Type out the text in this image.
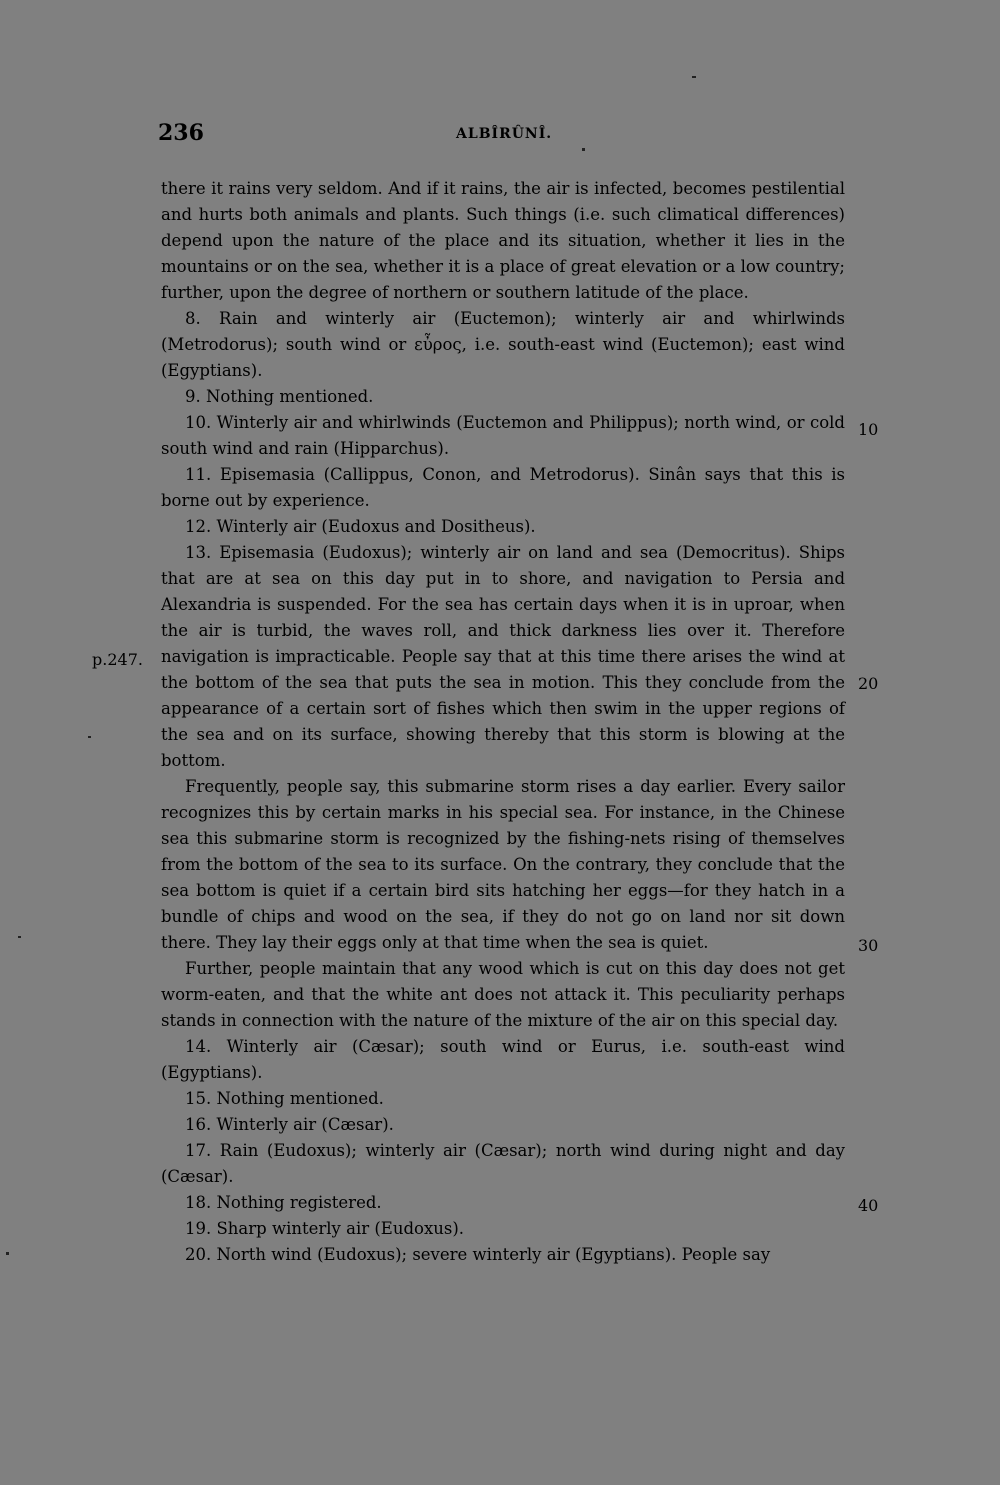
236	ALBÎRÛNÎ.

there it rains very seldom. And if it rains, the air is infected, becomes pestilential and hurts both animals and plants. Such things (i.e. such climatical differences) depend upon the nature of the place and its situation, whether it lies in the mountains or on the sea, whether it is a place of great elevation or a low country; further, upon the degree of northern or southern latitude of the place.

8. Rain and winterly air (Euctemon); winterly air and whirlwinds (Metrodorus); south wind or εὖρος, i.e. south-east wind (Euctemon); east wind (Egyptians).

9. Nothing mentioned.

10. Winterly air and whirlwinds (Euctemon and Philippus); north wind, or cold south wind and rain (Hipparchus).

11. Episemasia (Callippus, Conon, and Metrodorus). Sinân says that this is borne out by experience.

12. Winterly air (Eudoxus and Dositheus).

13. Episemasia (Eudoxus); winterly air on land and sea (Democritus). Ships that are at sea on this day put in to shore, and navigation to Persia and Alexandria is suspended. For the sea has certain days when it is in uproar, when the air is turbid, the waves roll, and thick darkness lies over it. Therefore navigation is impracticable. People say that at this time there arises the wind at the bottom of the sea that puts the sea in motion. This they conclude from the appearance of a certain sort of fishes which then swim in the upper regions of the sea and on its surface, showing thereby that this storm is blowing at the bottom.

Frequently, people say, this submarine storm rises a day earlier. Every sailor recognizes this by certain marks in his special sea. For instance, in the Chinese sea this submarine storm is recognized by the fishing-nets rising of themselves from the bottom of the sea to its surface. On the contrary, they conclude that the sea bottom is quiet if a certain bird sits hatching her eggs—for they hatch in a bundle of chips and wood on the sea, if they do not go on land nor sit down there. They lay their eggs only at that time when the sea is quiet.

Further, people maintain that any wood which is cut on this day does not get worm-eaten, and that the white ant does not attack it. This peculiarity perhaps stands in connection with the nature of the mixture of the air on this special day.

14. Winterly air (Cæsar); south wind or Eurus, i.e. south-east wind (Egyptians).

15. Nothing mentioned.

16. Winterly air (Cæsar).

17. Rain (Eudoxus); winterly air (Cæsar); north wind during night and day (Cæsar).

18. Nothing registered.

19. Sharp winterly air (Eudoxus).

20. North wind (Eudoxus); severe winterly air (Egyptians). People say

p.247.
10
20
30
40
